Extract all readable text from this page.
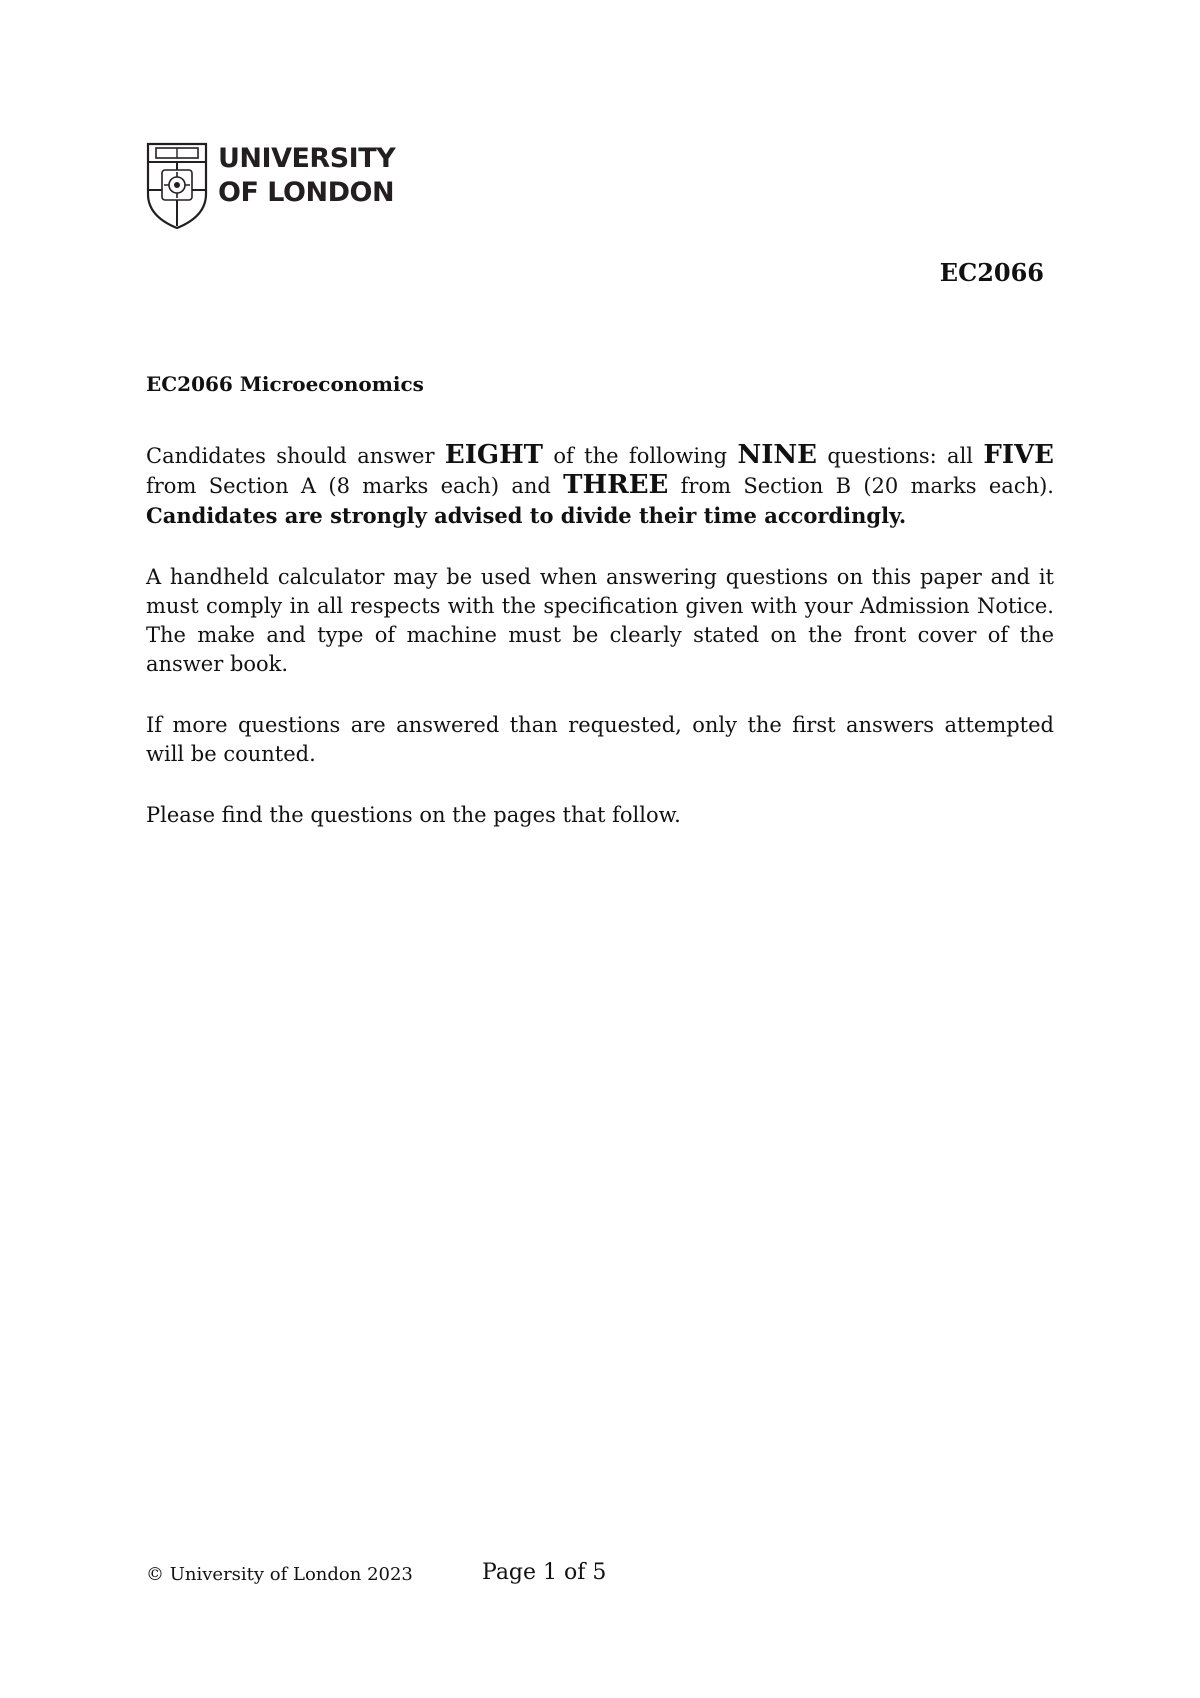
UNIVERSITY
OF LONDON
EC2066

EC2066 Microeconomics

Candidates should answer EIGHT of the following NINE questions: all FIVE from Section A (8 marks each) and THREE from Section B (20 marks each). Candidates are strongly advised to divide their time accordingly.

A handheld calculator may be used when answering questions on this paper and it must comply in all respects with the specification given with your Admission Notice. The make and type of machine must be clearly stated on the front cover of the answer book.

If more questions are answered than requested, only the first answers attempted will be counted.

Please find the questions on the pages that follow.

© University of London 2023	Page 1 of 5
